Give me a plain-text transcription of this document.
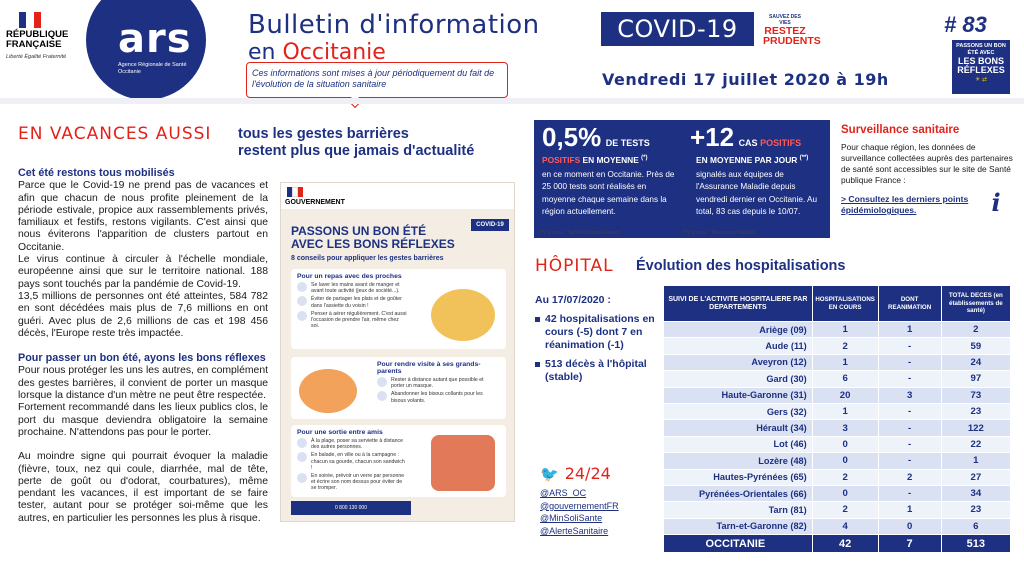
RÉPUBLIQUE FRANÇAISE
Liberté Égalité Fraternité ars
Agence Régionale de Santé Occitanie
Bulletin d'information
en Occitanie
COVID-19	SAUVEZ DES VIES
RESTEZ PRUDENTS
Ces informations sont mises à jour périodiquement du fait de l'évolution de la situation sanitaire	Vendredi 17 juillet 2020 à 19h
# 83
PASSONS UN BON ÉTÉ AVEC
LES BONS RÉFLEXES
☀ ⇄
EN VACANCES AUSSI tous les gestes barrières
restent plus que jamais d'actualité
Cet été restons tous mobilisés

Parce que le Covid-19 ne prend pas de vacances et afin que chacun de nous profite pleinement de la période estivale, propice aux rassemblements privés, familiaux et festifs, restons vigilants. C'est ainsi que nous éviterons l'apparition de clusters partout en Occitanie.

Le virus continue à circuler à l'échelle mondiale, européenne ainsi que sur le territoire national. 188 pays sont touchés par la pandémie de Covid-19.

13,5 millions de personnes ont été atteintes, 584 782 en sont décédées mais plus de 7,6 millions en ont guéri. Avec plus de 2,6 millions de cas et 198 456 décès, l'Europe reste très impactée.

Pour passer un bon été, ayons les bons réflexes

Pour nous protéger les uns les autres, en complément des gestes barrières, il convient de porter un masque lorsque la distance d'un mètre ne peut être respectée.

Fortement recommandé dans les lieux publics clos, le port du masque deviendra obligatoire la semaine prochaine. N'attendons pas pour le porter.

Au moindre signe qui pourrait évoquer la maladie (fièvre, toux, nez qui coule, diarrhée, mal de tête, perte de goût ou d'odorat, courbatures), même pendant les vacances, il est important de se faire tester, autant pour se protéger soi-même que les autres, en particulier les personnes les plus à risque.

GOUVERNEMENT
COVID-19
PASSONS UN BON ÉTÉ AVEC LES BONS RÉFLEXES
8 conseils pour appliquer les gestes barrières
Pour un repas avec des proches
Se laver les mains avant de manger et avant toute activité (jeux de société...).
Éviter de partager les plats et de goûter dans l'assiette du voisin !
Penser à aérer régulièrement. C'est aussi l'occasion de prendre l'air, même chez soi.
Pour rendre visite à ses grands-parents
Rester à distance autant que possible et porter un masque.
Abandonner les bisous collants pour les bisous volants.
Pour une sortie entre amis
À la plage, poser sa serviette à distance des autres personnes.
En balade, en ville ou à la campagne : chacun sa gourde, chacun son sandwich !
En soirée, prévoir un verre par personne et écrire son nom dessus pour éviter de se tromper.
0 800 130 000
0,5% DE TESTS
POSITIFS EN MOYENNE (*)
en ce moment en Occitanie. Près de 25 000 tests sont réalisés en moyenne chaque semaine dans la région actuellement.
+12 CAS POSITIFS
EN MOYENNE PAR JOUR (**)
signalés aux équipes de l'Assurance Maladie depuis vendredi dernier en Occitanie. Au total, 83 cas depuis le 10/07.
(*) Source : Santé Publique France	(**) Source : Assurance Maladie
Surveillance sanitaire
Pour chaque région, les données de surveillance collectées auprès des partenaires de santé sont accessibles sur le site de Santé publique France :
> Consultez les derniers points épidémiologiques.	i
HÔPITAL Évolution des hospitalisations
Au 17/07/2020 :
42 hospitalisations en cours (-5) dont 7 en réanimation (-1)
513 décès à l'hôpital (stable)
🐦 24/24
@ARS_OC
@gouvernementFR
@MinSoliSante
@AlerteSanitaire
SUIVI DE L'ACTIVITE HOSPITALIERE PAR DEPARTEMENTS	HOSPITALISATIONS EN COURS	DONT REANIMATION	TOTAL DECES (en établissements de santé)
Ariège (09)	1	1	2
Aude (11)	2	-	59
Aveyron (12)	1	-	24
Gard (30)	6	-	97
Haute-Garonne (31)	20	3	73
Gers (32)	1	-	23
Hérault (34)	3	-	122
Lot (46)	0	-	22
Lozère (48)	0	-	1
Hautes-Pyrénées (65)	2	2	27
Pyrénées-Orientales (66)	0	-	34
Tarn (81)	2	1	23
Tarn-et-Garonne (82)	4	0	6
OCCITANIE	42	7	513
